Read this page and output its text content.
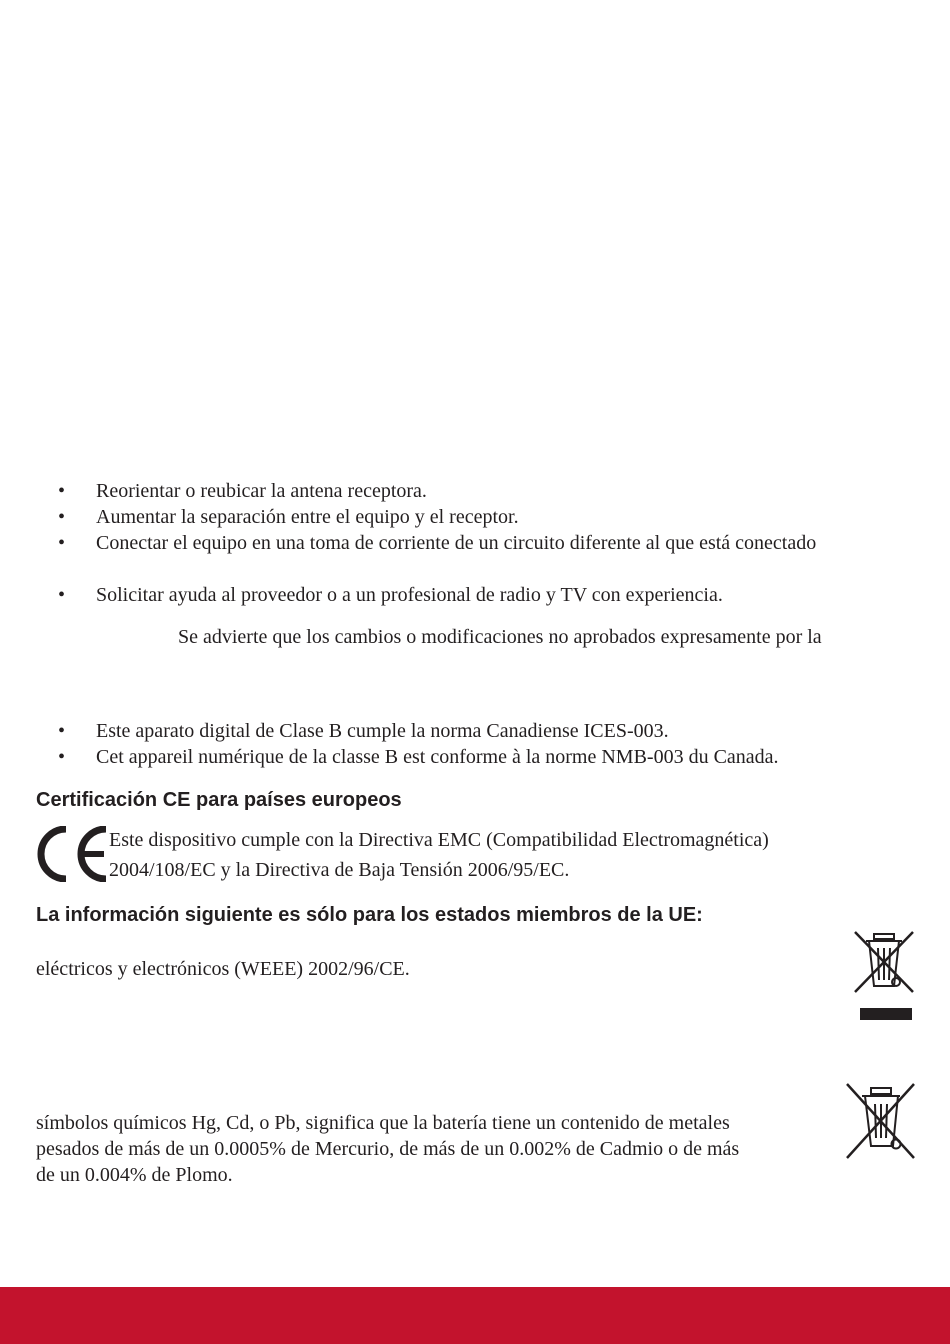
• Reorientar o reubicar la antena receptora.
• Aumentar la separación entre el equipo y el receptor.
• Conectar el equipo en una toma de corriente de un circuito diferente al que está conectado
• Solicitar ayuda al proveedor o a un profesional de radio y TV con experiencia.
Se advierte que los cambios o modificaciones no aprobados expresamente por la
• Este aparato digital de Clase B cumple la norma Canadiense ICES-003.
• Cet appareil numérique de la classe B est conforme à la norme NMB-003 du Canada.
Certificación CE para países europeos
Este dispositivo cumple con la Directiva EMC (Compatibilidad Electromagnética)
2004/108/EC y la Directiva de Baja Tensión 2006/95/EC.
La información siguiente es sólo para los estados miembros de la UE:
eléctricos y electrónicos (WEEE) 2002/96/CE.
símbolos químicos Hg, Cd, o Pb, significa que la batería tiene un contenido de metales
pesados de más de un 0.0005% de Mercurio, de más de un 0.002% de Cadmio o de más
de un 0.004% de Plomo.
